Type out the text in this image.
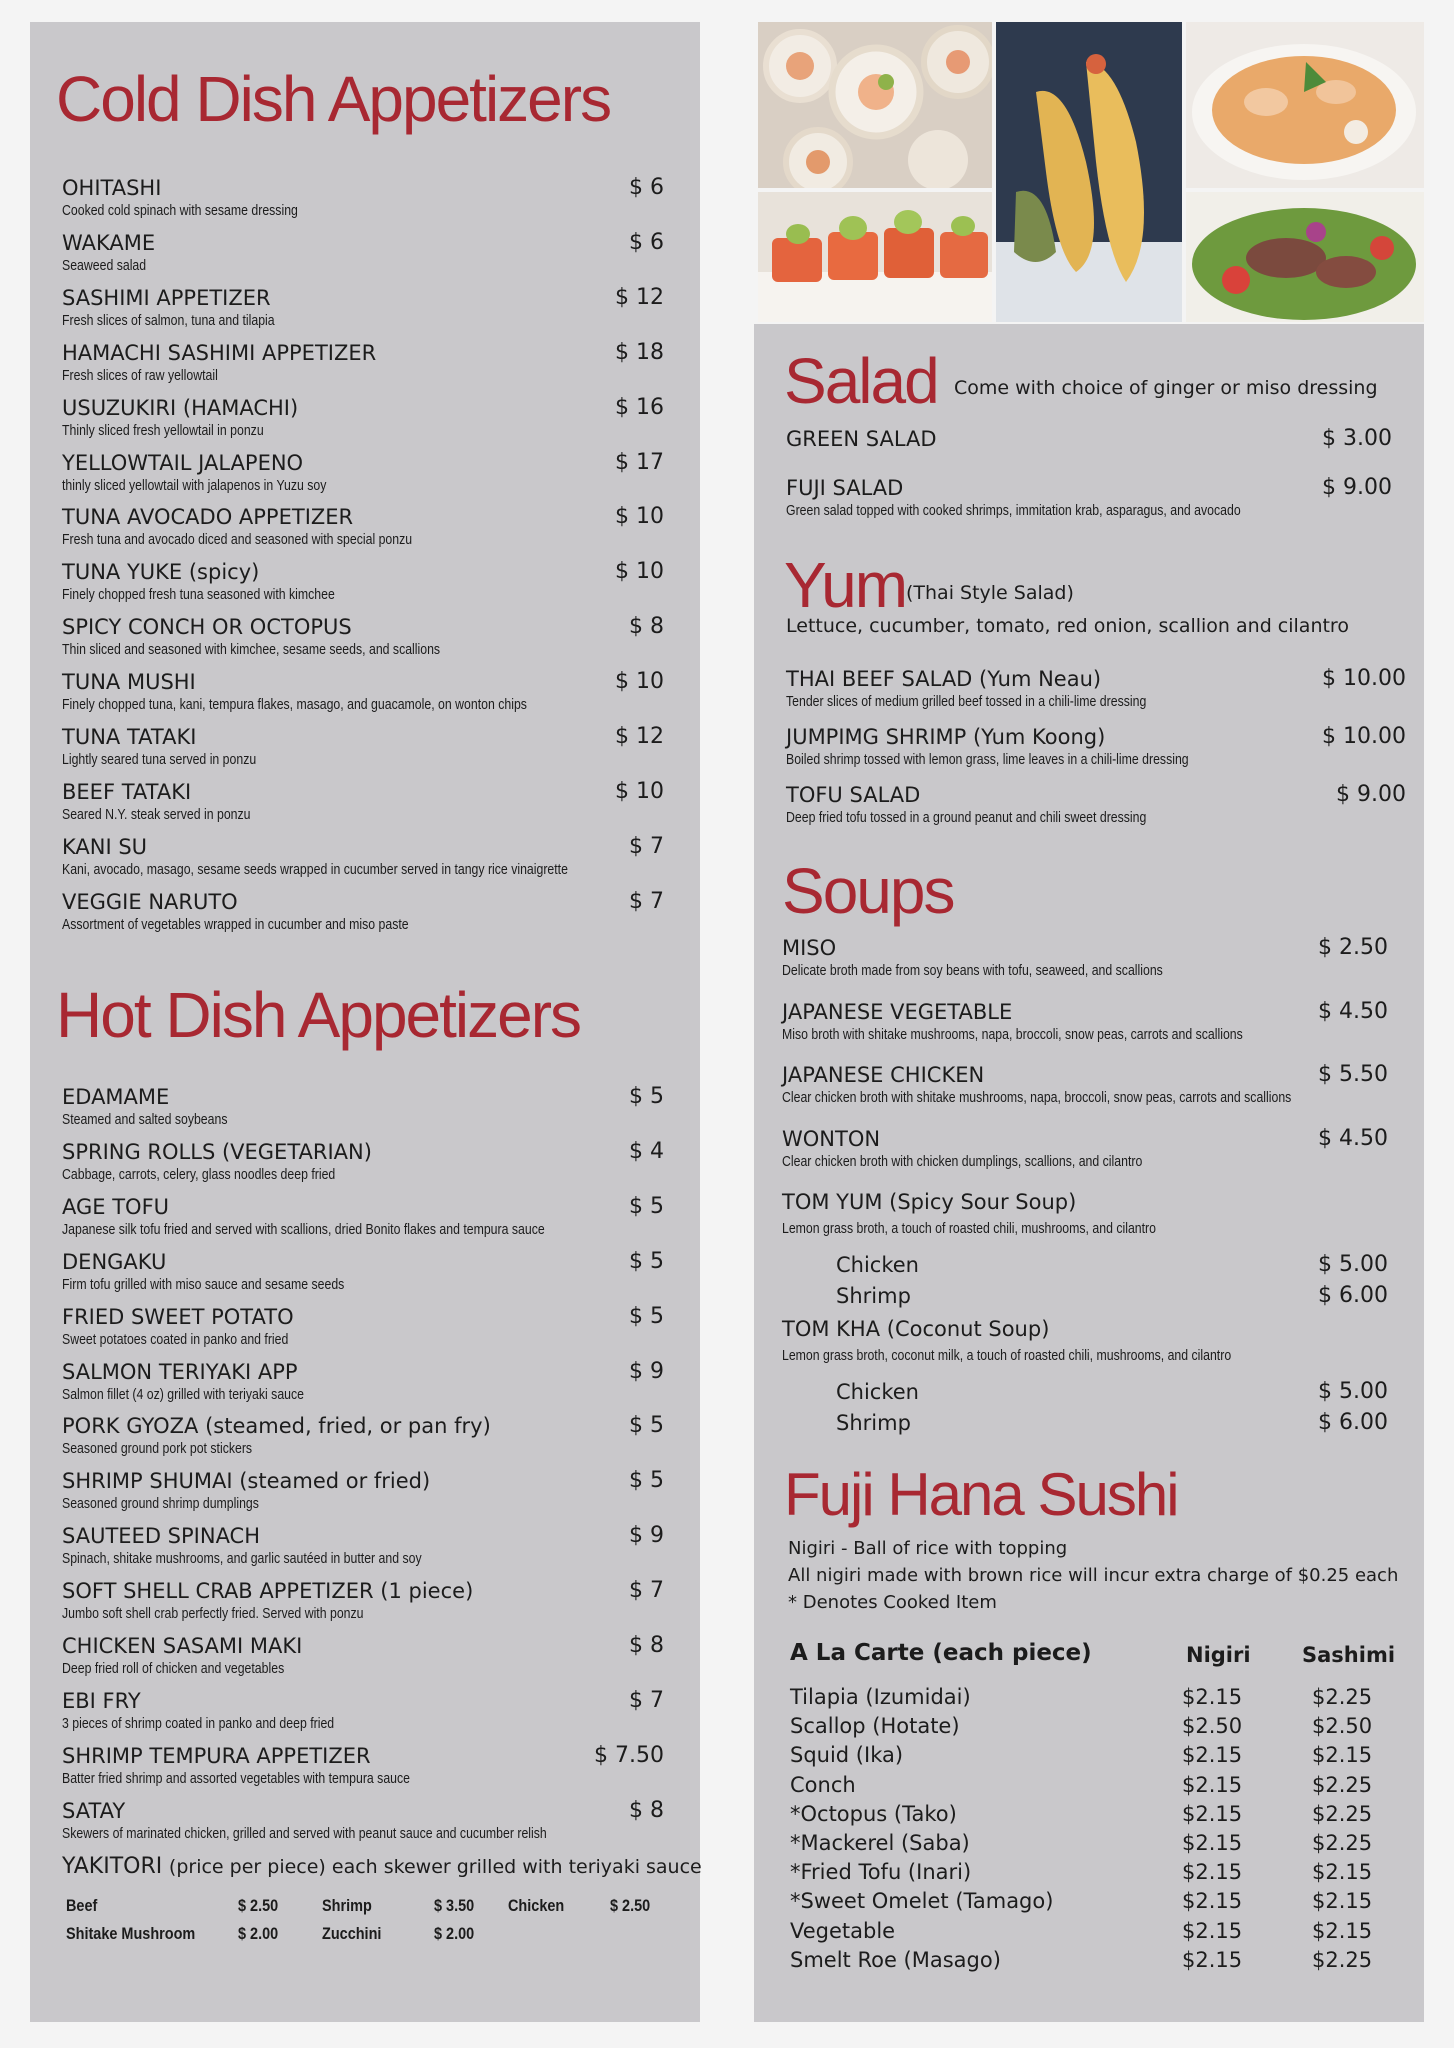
Cold Dish Appetizers
OHITASHI
Cooked cold spinach with sesame dressing
$ 6
WAKAME
Seaweed salad
$ 6
SASHIMI APPETIZER
Fresh slices of salmon, tuna and tilapia
$ 12
HAMACHI SASHIMI APPETIZER
Fresh slices of raw yellowtail
$ 18
USUZUKIRI (HAMACHI)
Thinly sliced fresh yellowtail in ponzu
$ 16
YELLOWTAIL JALAPENO
thinly sliced yellowtail with jalapenos in Yuzu soy
$ 17
TUNA AVOCADO APPETIZER
Fresh tuna and avocado diced and seasoned with special ponzu
$ 10
TUNA YUKE (spicy)
Finely chopped fresh tuna seasoned with kimchee
$ 10
SPICY CONCH OR OCTOPUS
Thin sliced and seasoned with kimchee, sesame seeds, and scallions
$ 8
TUNA MUSHI
Finely chopped tuna, kani, tempura flakes, masago, and guacamole, on wonton chips
$ 10
TUNA TATAKI
Lightly seared tuna served in ponzu
$ 12
BEEF TATAKI
Seared N.Y. steak served in ponzu
$ 10
KANI SU
Kani, avocado, masago, sesame seeds wrapped in cucumber served in tangy rice vinaigrette
$ 7
VEGGIE NARUTO
Assortment of vegetables wrapped in cucumber and miso paste
$ 7
Hot Dish Appetizers
EDAMAME
Steamed and salted soybeans
$ 5
SPRING ROLLS (VEGETARIAN)
Cabbage, carrots, celery, glass noodles deep fried
$ 4
AGE TOFU
Japanese silk tofu fried and served with scallions, dried Bonito flakes and tempura sauce
$ 5
DENGAKU
Firm tofu grilled with miso sauce and sesame seeds
$ 5
FRIED SWEET POTATO
Sweet potatoes coated in panko and fried
$ 5
SALMON TERIYAKI APP
Salmon fillet (4 oz) grilled with teriyaki sauce
$ 9
PORK GYOZA (steamed, fried, or pan fry)
Seasoned ground pork pot stickers
$ 5
SHRIMP SHUMAI (steamed or fried)
Seasoned ground shrimp dumplings
$ 5
SAUTEED SPINACH
Spinach, shitake mushrooms, and garlic sautéed in butter and soy
$ 9
SOFT SHELL CRAB APPETIZER (1 piece)
Jumbo soft shell crab perfectly fried. Served with ponzu
$ 7
CHICKEN SASAMI MAKI
Deep fried roll of chicken and vegetables
$ 8
EBI FRY
3 pieces of shrimp coated in panko and deep fried
$ 7
SHRIMP TEMPURA APPETIZER
Batter fried shrimp and assorted vegetables with tempura sauce
$ 7.50
SATAY
Skewers of marinated chicken, grilled and served with peanut sauce and cucumber relish
$ 8
YAKITORI (price per piece) each skewer grilled with teriyaki sauce
Beef	$ 2.50	Shrimp	$ 3.50 Chicken	$ 2.50
Shitake Mushroom	$ 2.00	Zucchini	$ 2.00
Salad Come with choice of ginger or miso dressing
GREEN SALAD	$ 3.00
FUJI SALAD
Green salad topped with cooked shrimps, immitation krab, asparagus, and avocado
$ 9.00
Yum (Thai Style Salad)
Lettuce, cucumber, tomato, red onion, scallion and cilantro
THAI BEEF SALAD (Yum Neau)
Tender slices of medium grilled beef tossed in a chili-lime dressing
$ 10.00
JUMPIMG SHRIMP (Yum Koong)
Boiled shrimp tossed with lemon grass, lime leaves in a chili-lime dressing
$ 10.00
TOFU SALAD
Deep fried tofu tossed in a ground peanut and chili sweet dressing
$ 9.00
Soups
MISO
Delicate broth made from soy beans with tofu, seaweed, and scallions
$ 2.50
JAPANESE VEGETABLE
Miso broth with shitake mushrooms, napa, broccoli, snow peas, carrots and scallions
$ 4.50
JAPANESE CHICKEN
Clear chicken broth with shitake mushrooms, napa, broccoli, snow peas, carrots and scallions
$ 5.50
WONTON
Clear chicken broth with chicken dumplings, scallions, and cilantro
$ 4.50
TOM YUM (Spicy Sour Soup)
Lemon grass broth, a touch of roasted chili, mushrooms, and cilantro
Chicken	$ 5.00
Shrimp	$ 6.00
TOM KHA (Coconut Soup)
Lemon grass broth, coconut milk, a touch of roasted chili, mushrooms, and cilantro
Chicken	$ 5.00
Shrimp	$ 6.00
Fuji Hana Sushi
Nigiri - Ball of rice with topping
All nigiri made with brown rice will incur extra charge of $0.25 each
* Denotes Cooked Item
A La Carte (each piece)	Nigiri Sashimi
Tilapia (Izumidai)	$2.15	$2.25
Scallop (Hotate)	$2.50	$2.50
Squid (Ika)	$2.15	$2.15
Conch	$2.15	$2.25
*Octopus (Tako)	$2.15	$2.25
*Mackerel (Saba)	$2.15	$2.25
*Fried Tofu (Inari)	$2.15	$2.15
*Sweet Omelet (Tamago)	$2.15	$2.15
Vegetable	$2.15	$2.15
Smelt Roe (Masago)	$2.15	$2.25
